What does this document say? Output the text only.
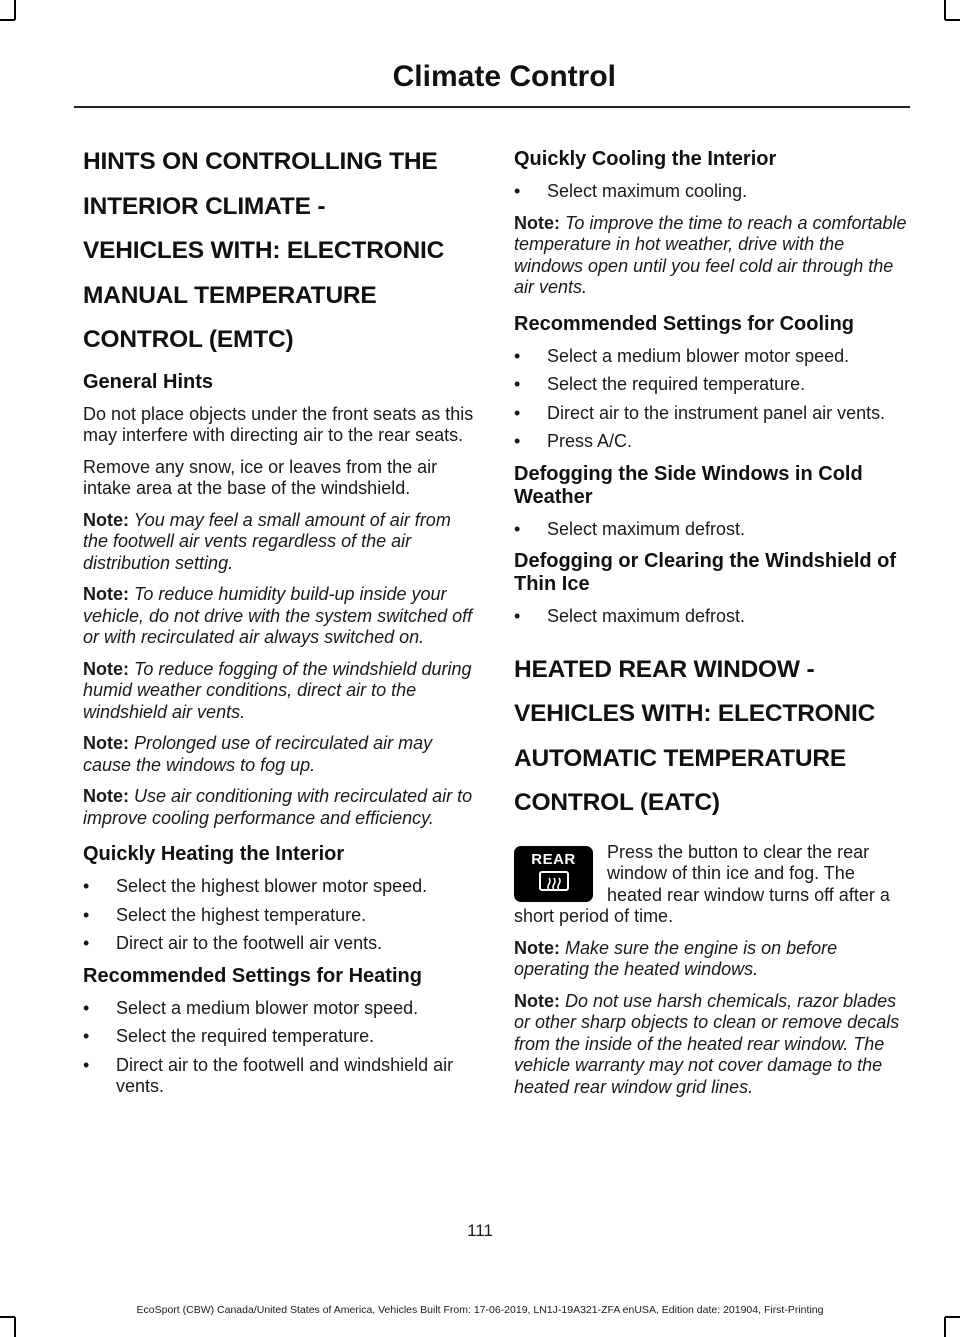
Climate Control
HINTS ON CONTROLLING THE
INTERIOR CLIMATE -
VEHICLES WITH: ELECTRONIC
MANUAL TEMPERATURE
CONTROL (EMTC)
General Hints

Do not place objects under the front seats as this may interfere with directing air to the rear seats.

Remove any snow, ice or leaves from the air intake area at the base of the windshield.

Note: You may feel a small amount of air from the footwell air vents regardless of the air distribution setting.

Note: To reduce humidity build-up inside your vehicle, do not drive with the system switched off or with recirculated air always switched on.

Note: To reduce fogging of the windshield during humid weather conditions, direct air to the windshield air vents.

Note: Prolonged use of recirculated air may cause the windows to fog up.

Note: Use air conditioning with recirculated air to improve cooling performance and efficiency.

Quickly Heating the Interior
• Select the highest blower motor speed.
• Select the highest temperature.
• Direct air to the footwell air vents.
Recommended Settings for Heating
• Select a medium blower motor speed.
• Select the required temperature.
• Direct air to the footwell and windshield air vents.
Quickly Cooling the Interior
• Select maximum cooling.

Note: To improve the time to reach a comfortable temperature in hot weather, drive with the windows open until you feel cold air through the air vents.

Recommended Settings for Cooling
• Select a medium blower motor speed.
• Select the required temperature.
• Direct air to the instrument panel air vents.
• Press A/C.
Defogging the Side Windows in Cold Weather
• Select maximum defrost.
Defogging or Clearing the Windshield of Thin Ice
• Select maximum defrost.
HEATED REAR WINDOW -
VEHICLES WITH: ELECTRONIC
AUTOMATIC TEMPERATURE
CONTROL (EATC)
REAR	Press the button to clear the rear window of thin ice and fog. The heated rear window turns off after a short period of time.

Note: Make sure the engine is on before operating the heated windows.

Note: Do not use harsh chemicals, razor blades or other sharp objects to clean or remove decals from the inside of the heated rear window. The vehicle warranty may not cover damage to the heated rear window grid lines.

111
EcoSport (CBW) Canada/United States of America, Vehicles Built From: 17-06-2019, LN1J-19A321-ZFA enUSA, Edition date: 201904, First-Printing
